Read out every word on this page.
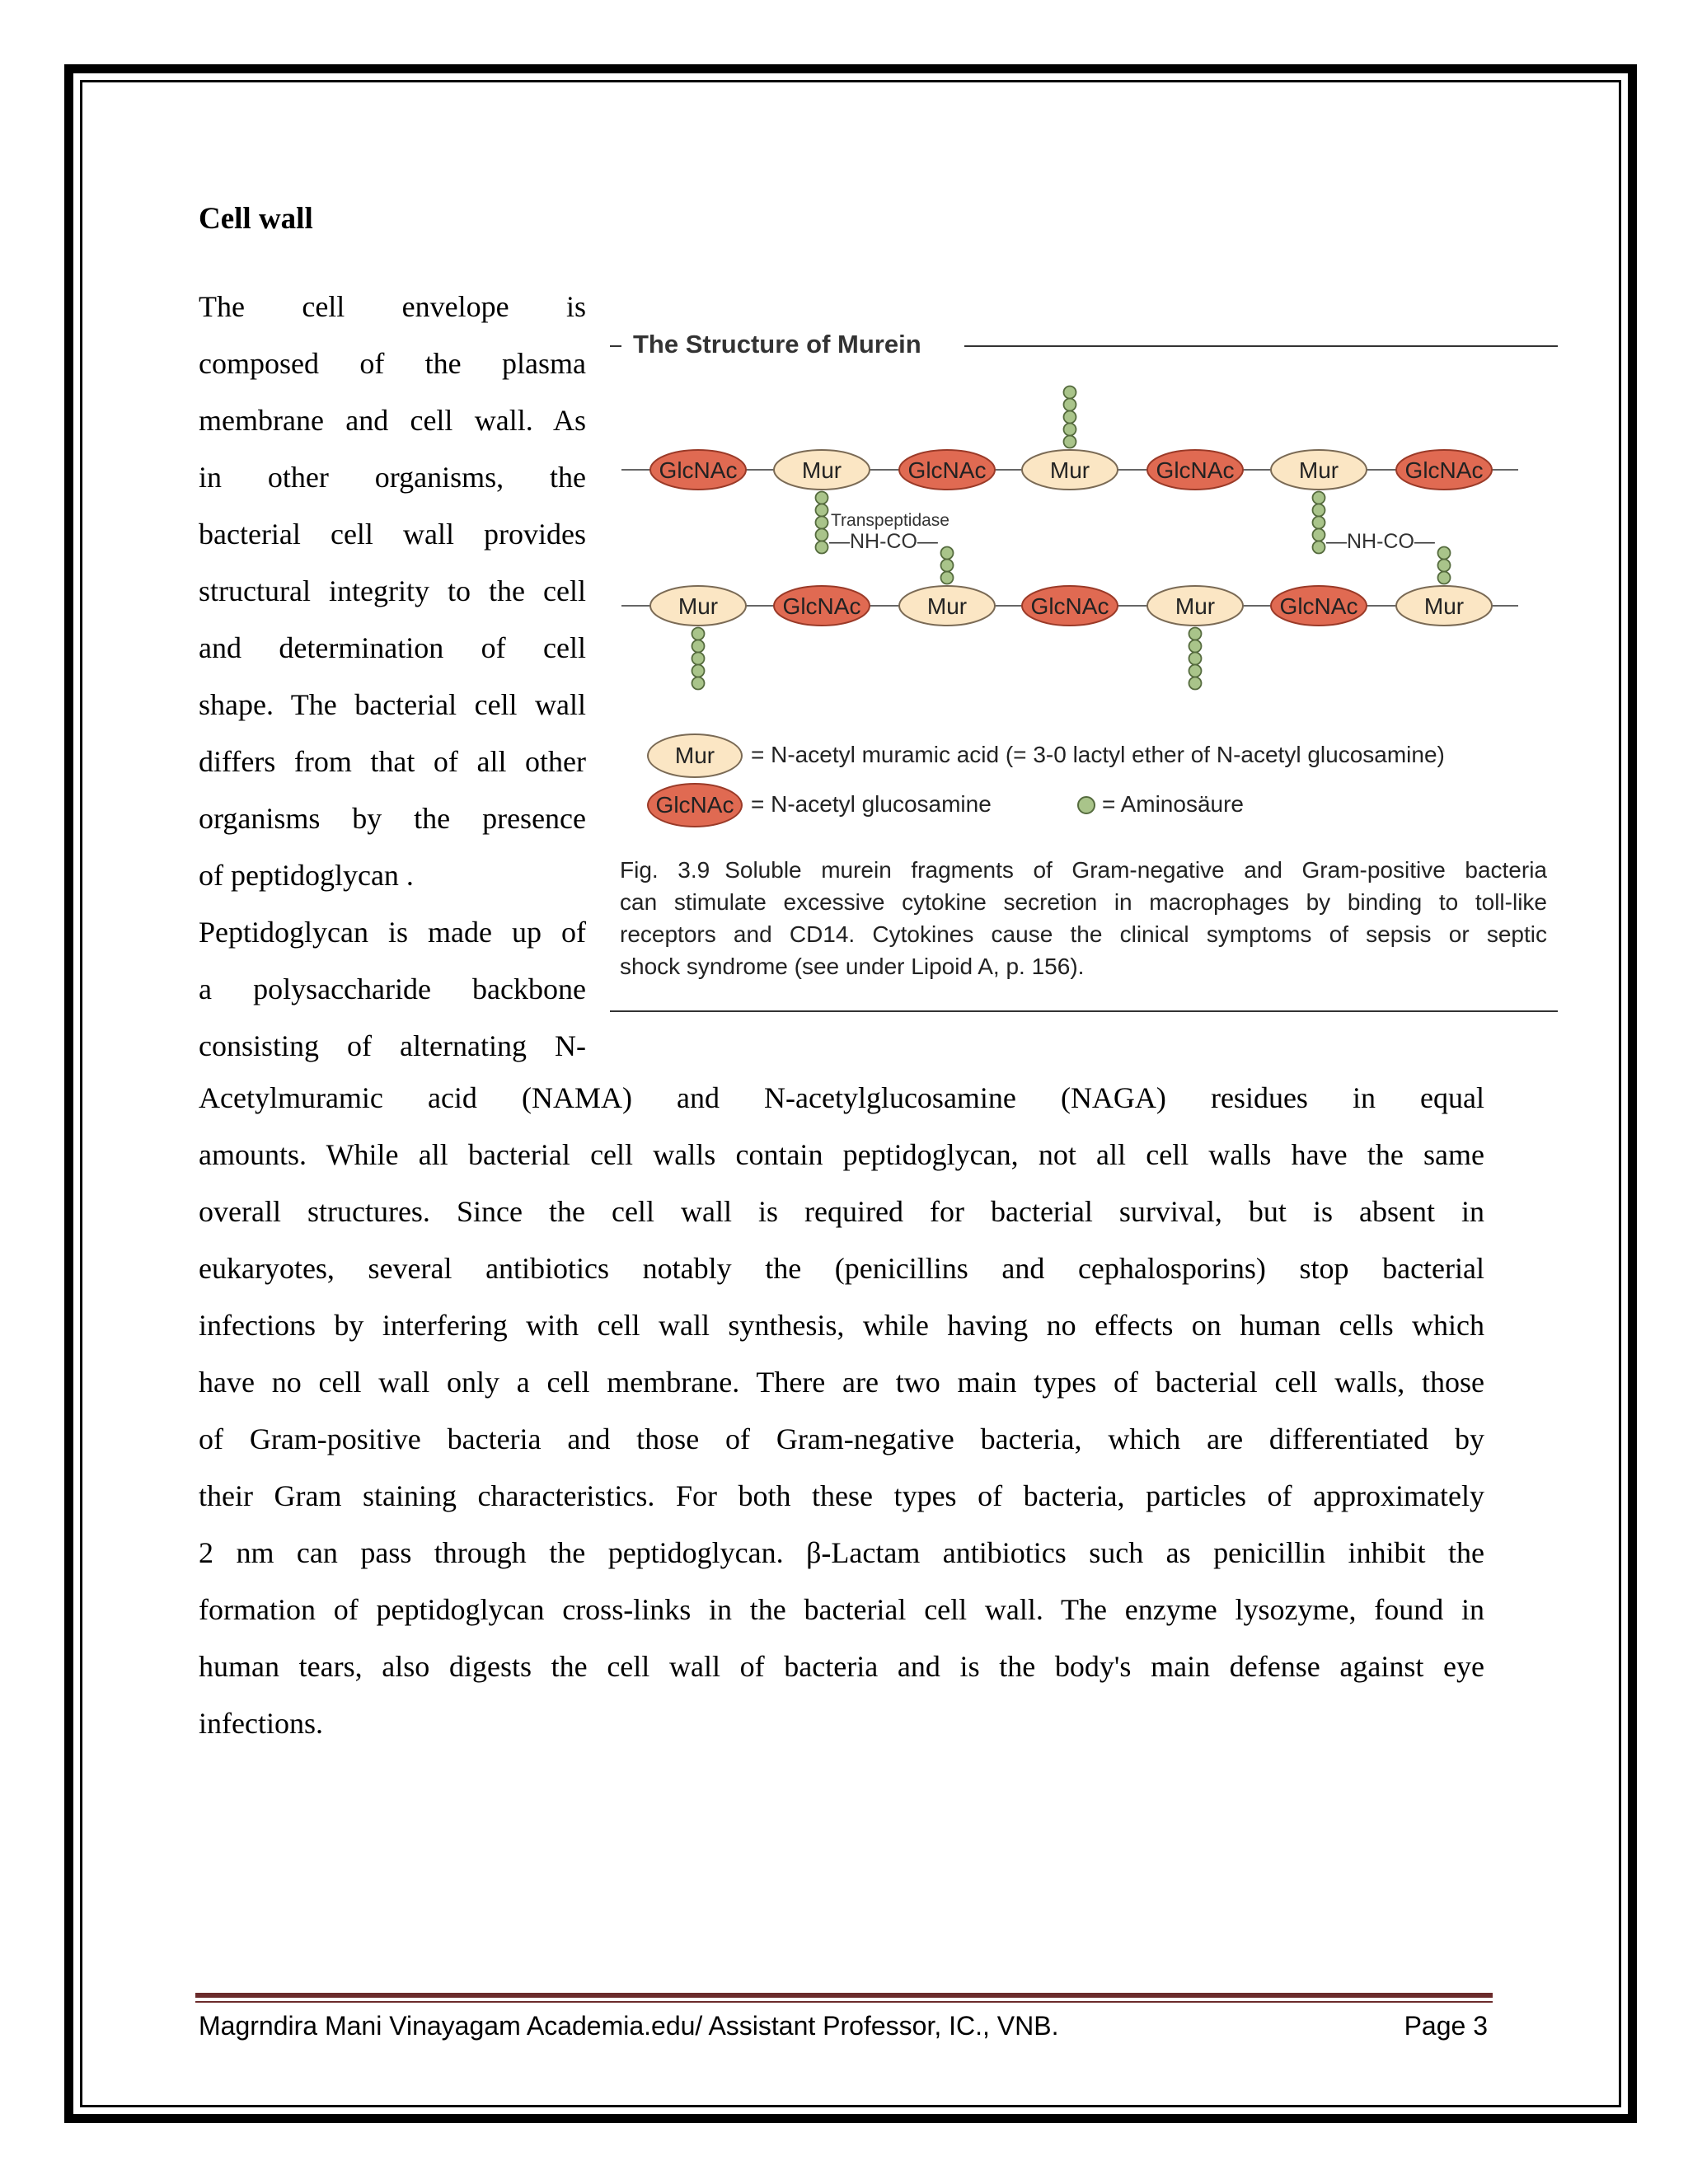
Cell wall
The cell envelope is
composed of the plasma
membrane and cell wall. As
in other organisms, the
bacterial cell wall provides
structural integrity to the cell
and determination of cell
shape. The bacterial cell wall
differs from that of all other
organisms by the presence
of peptidoglycan .
Peptidoglycan is made up of
a polysaccharide backbone
consisting of alternating N-
The Structure of Murein
GlcNAc	Mur	GlcNAc	Mur	GlcNAc	Mur	GlcNAc
Mur	GlcNAc	Mur	GlcNAc	Mur	GlcNAc	Mur
Transpeptidase
—NH-CO—	—NH-CO—
Mur	= N-acetyl muramic acid (= 3-0 lactyl ether of N-acetyl glucosamine)
GlcNAc = N-acetyl glucosamine	= Aminosäure
Fig. 3.9 Soluble murein fragments of Gram-negative and Gram-positive bacteria
can stimulate excessive cytokine secretion in macrophages by binding to toll-like
receptors and CD14. Cytokines cause the clinical symptoms of sepsis or septic
shock syndrome (see under Lipoid A, p. 156).
Acetylmuramic acid (NAMA) and N-acetylglucosamine (NAGA) residues in equal
amounts. While all bacterial cell walls contain peptidoglycan, not all cell walls have the same
overall structures. Since the cell wall is required for bacterial survival, but is absent in
eukaryotes, several antibiotics notably the (penicillins and cephalosporins) stop bacterial
infections by interfering with cell wall synthesis, while having no effects on human cells which
have no cell wall only a cell membrane. There are two main types of bacterial cell walls, those
of Gram-positive bacteria and those of Gram-negative bacteria, which are differentiated by
their Gram staining characteristics. For both these types of bacteria, particles of approximately
2 nm can pass through the peptidoglycan. β-Lactam antibiotics such as penicillin inhibit the
formation of peptidoglycan cross-links in the bacterial cell wall. The enzyme lysozyme, found in
human tears, also digests the cell wall of bacteria and is the body's main defense against eye
infections.
Magrndira Mani Vinayagam Academia.edu/ Assistant Professor, IC., VNB.	Page 3
